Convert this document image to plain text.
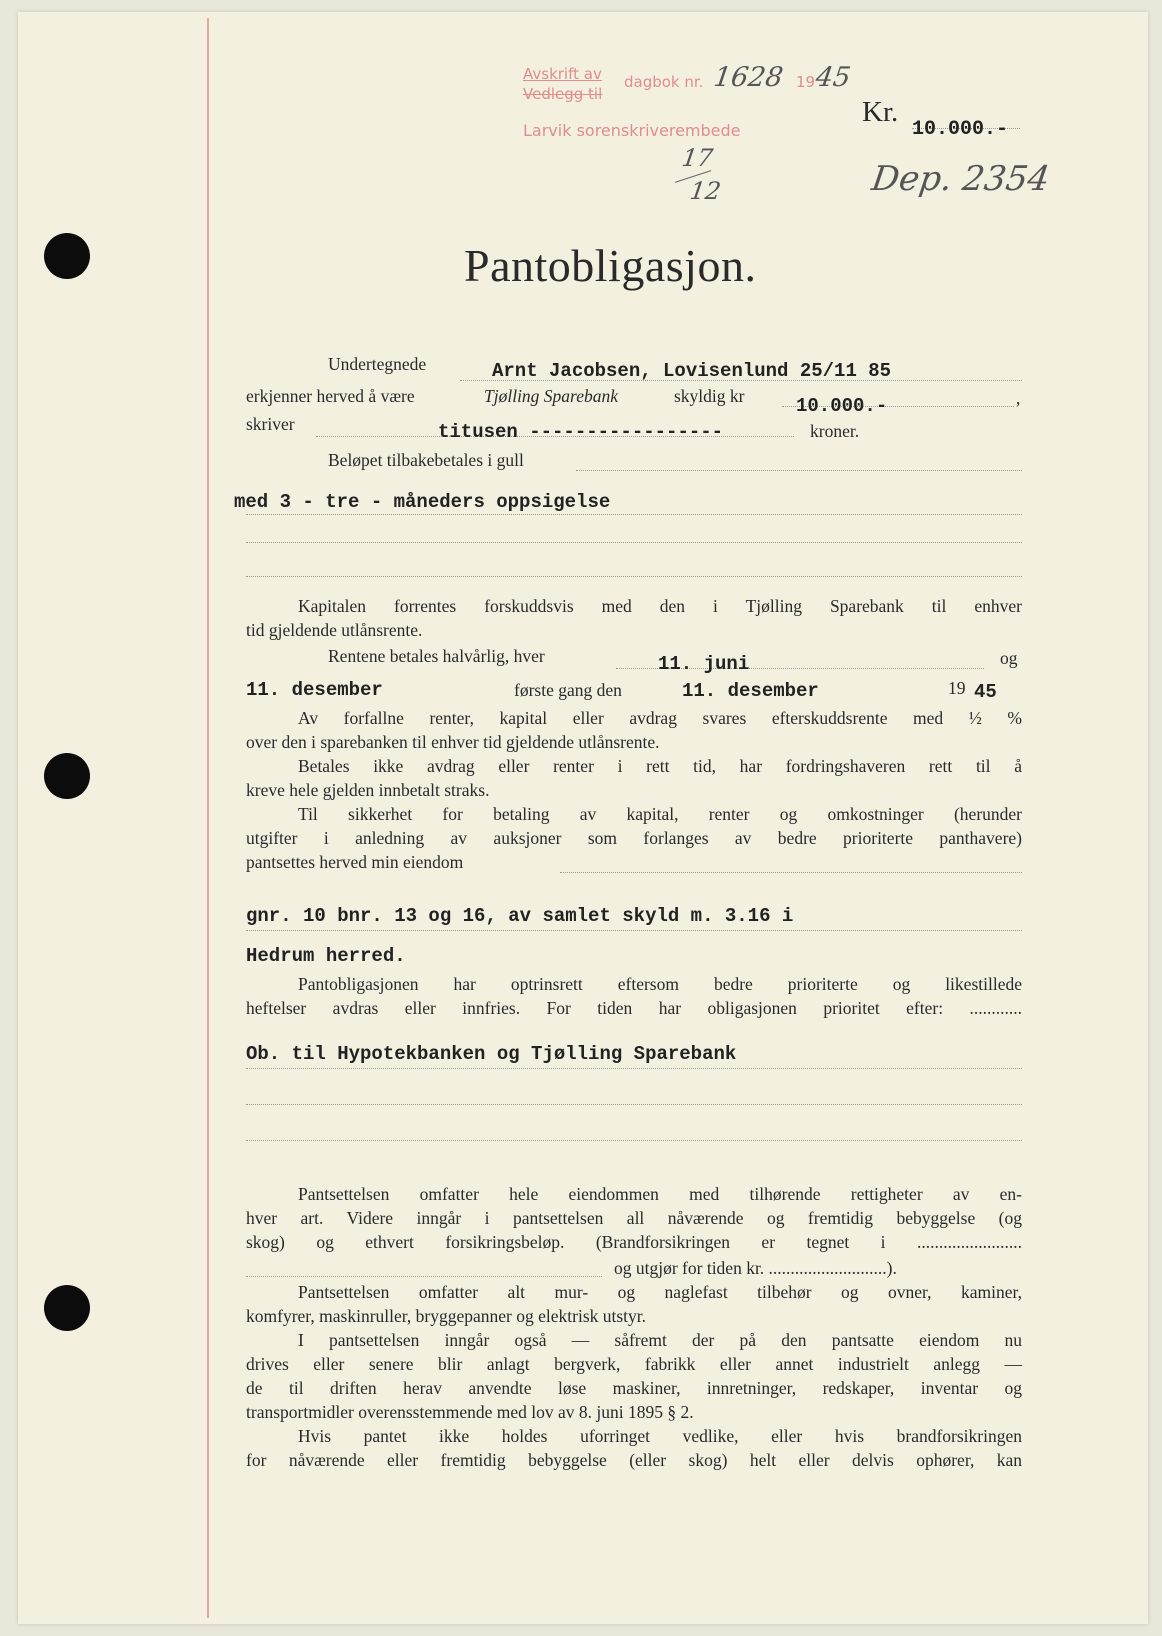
Avskrift av
Vedlegg til
dagbok nr. 1628 19
45
Larvik sorenskriverembede
17
12
Kr.
10.000.-
Dep. 2354
Pantobligasjon.
Undertegnede	Arnt Jacobsen, Lovisenlund 25/11 85
erkjenner herved å være	Tjølling Sparebank	skyldig kr	10.000.-	,
skriver	titusen -----------------	kroner.
Beløpet tilbakebetales i gull
med 3 - tre - måneders oppsigelse
Kapitalen forrentes forskuddsvis med den i Tjølling Sparebank til enhver
tid gjeldende utlånsrente.
Rentene betales halvårlig, hver	11. juni	og
11. desember	første gang den	11. desember	19 45
Av forfallne renter, kapital eller avdrag svares efterskuddsrente med ½ %
over den i sparebanken til enhver tid gjeldende utlånsrente.
Betales ikke avdrag eller renter i rett tid, har fordringshaveren rett til å
kreve hele gjelden innbetalt straks.
Til sikkerhet for betaling av kapital, renter og omkostninger (herunder
utgifter i anledning av auksjoner som forlanges av bedre prioriterte panthavere)
pantsettes herved min eiendom
gnr. 10 bnr. 13 og 16, av samlet skyld m. 3.16 i
Hedrum herred.
Pantobligasjonen har optrinsrett eftersom bedre prioriterte og likestillede
heftelser avdras eller innfries. For tiden har obligasjonen prioritet efter: ............
Ob. til Hypotekbanken og Tjølling Sparebank
Pantsettelsen omfatter hele eiendommen med tilhørende rettigheter av en-
hver art. Videre inngår i pantsettelsen all nåværende og fremtidig bebyggelse (og
skog) og ethvert forsikringsbeløp. (Brandforsikringen er tegnet i ........................
og utgjør for tiden kr. ...........................).
Pantsettelsen omfatter alt mur- og naglefast tilbehør og ovner, kaminer,
komfyrer, maskinruller, bryggepanner og elektrisk utstyr.
I pantsettelsen inngår også — såfremt der på den pantsatte eiendom nu
drives eller senere blir anlagt bergverk, fabrikk eller annet industrielt anlegg —
de til driften herav anvendte løse maskiner, innretninger, redskaper, inventar og
transportmidler overensstemmende med lov av 8. juni 1895 § 2.
Hvis pantet ikke holdes uforringet vedlike, eller hvis brandforsikringen
for nåværende eller fremtidig bebyggelse (eller skog) helt eller delvis ophører, kan
